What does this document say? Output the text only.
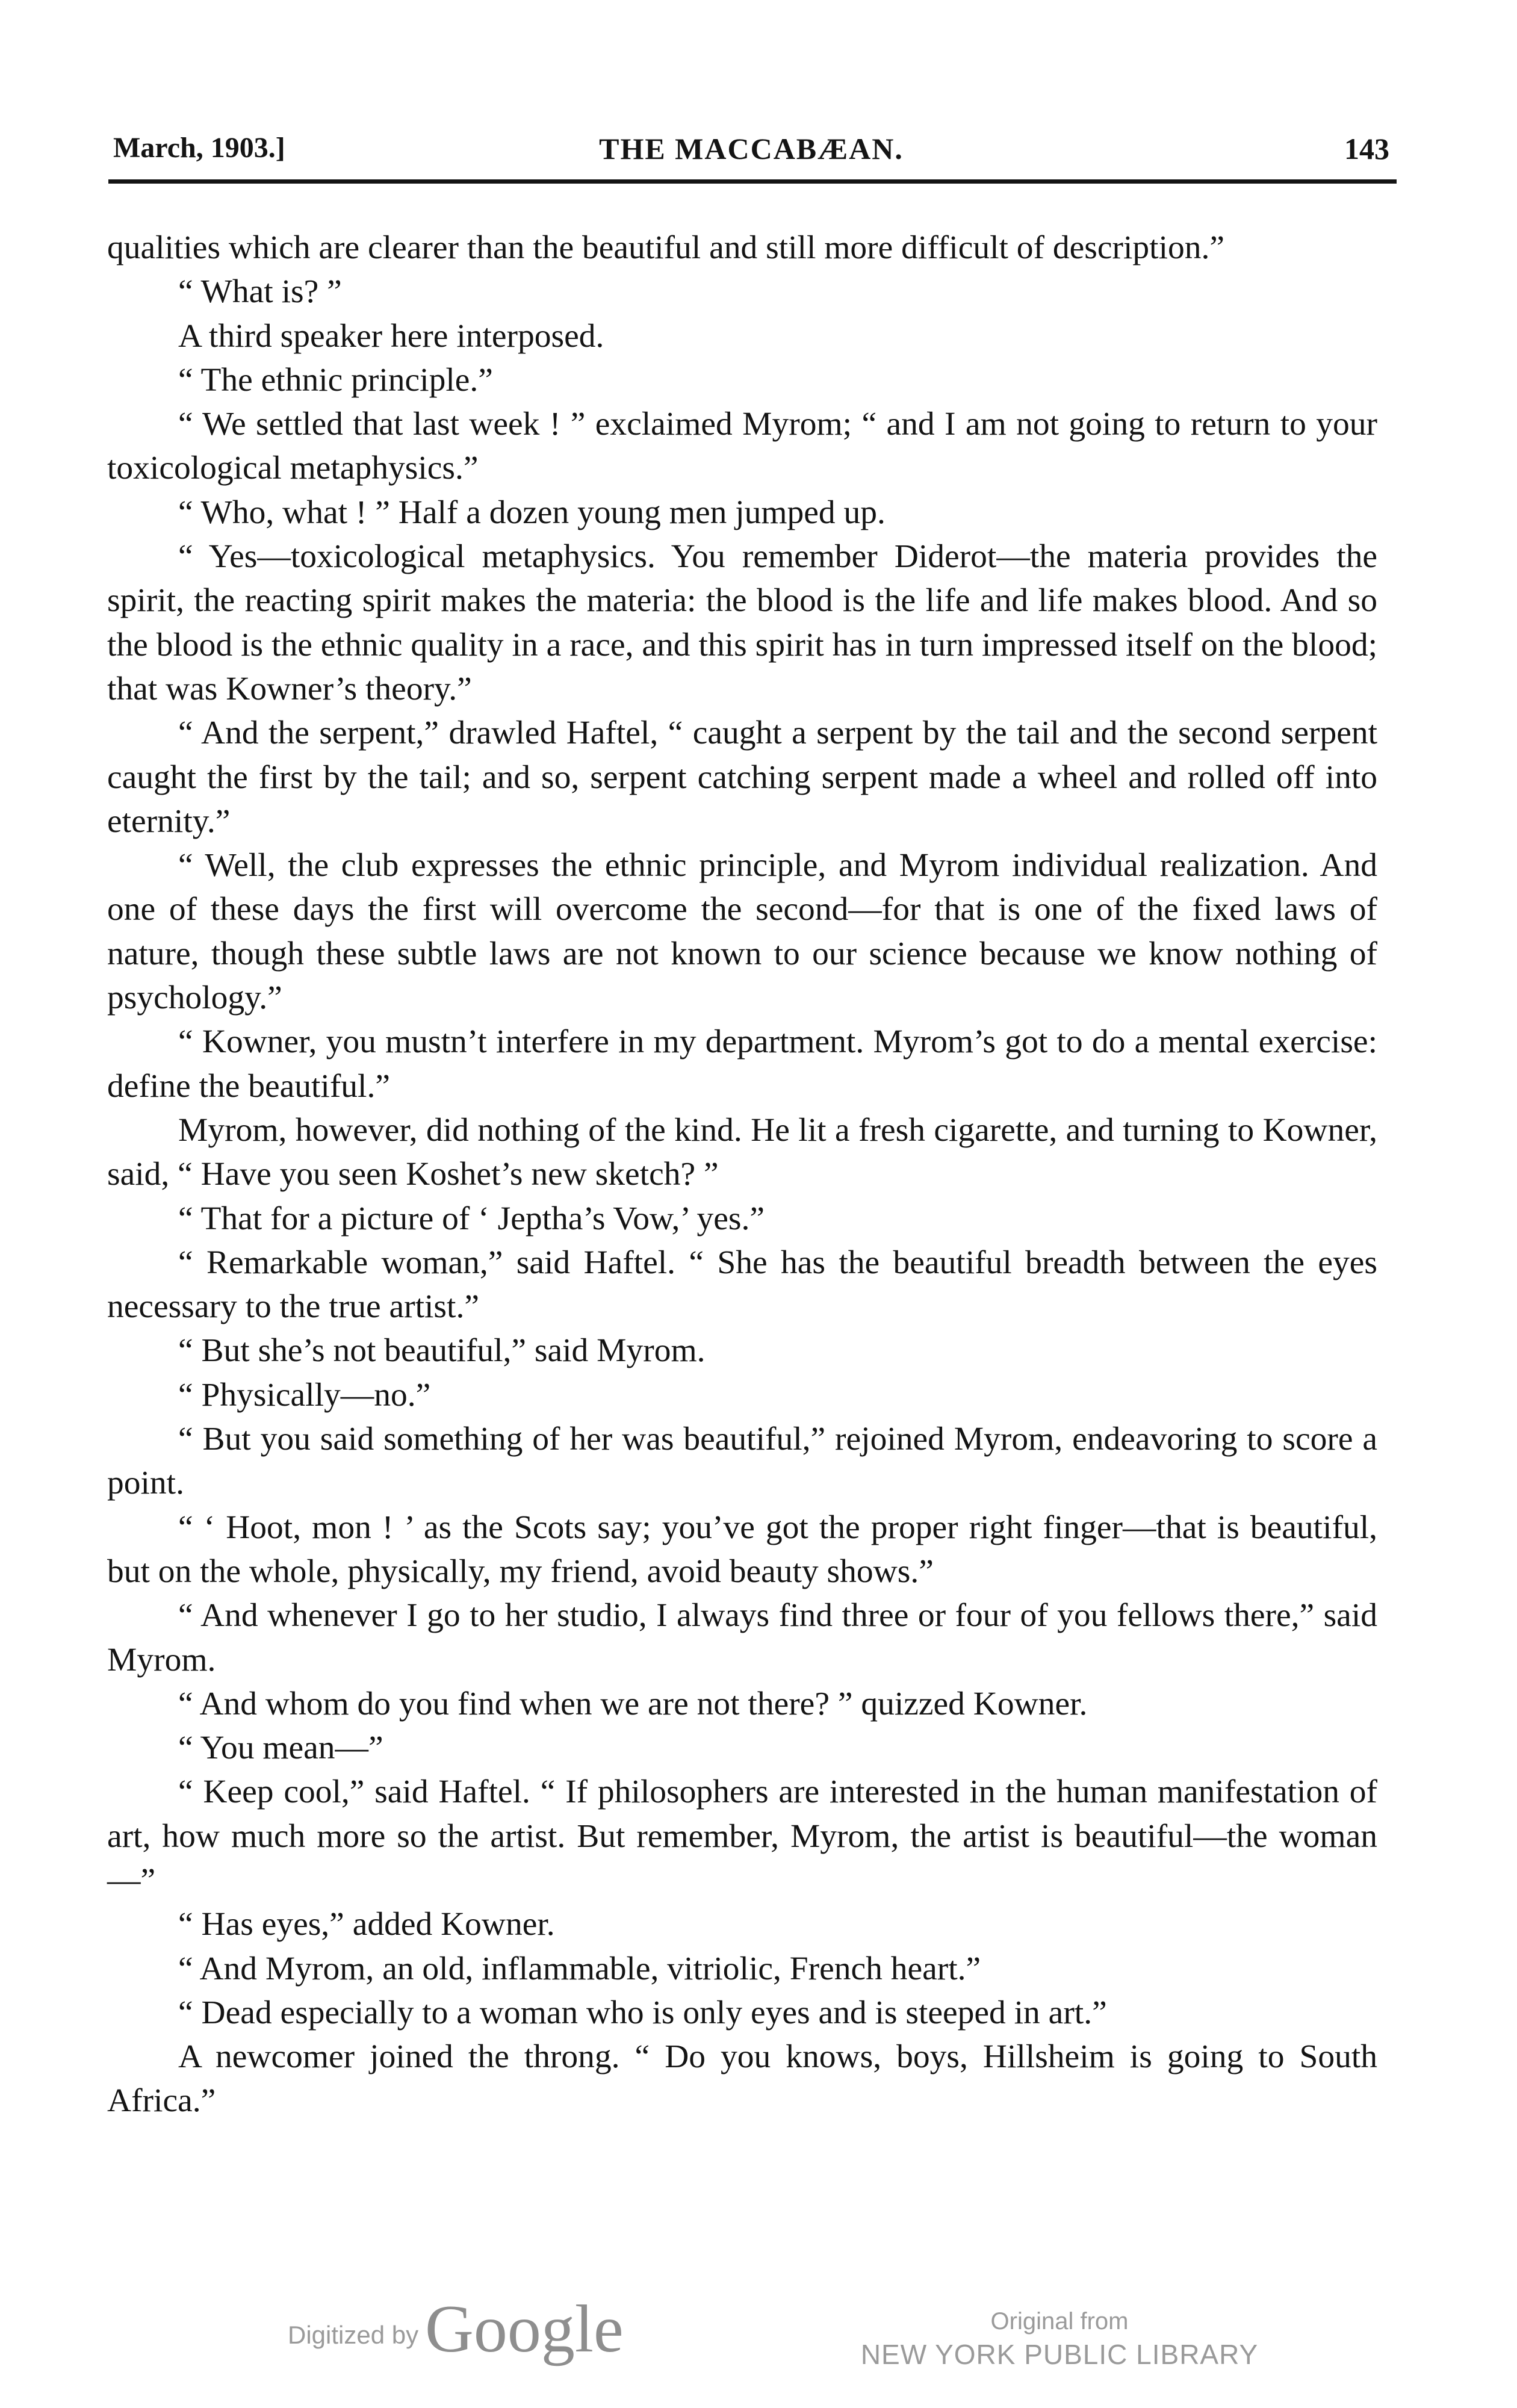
March, 1903.]	THE MACCABÆAN.	143

qualities which are clearer than the beautiful and still more difficult of description.”

“ What is? ”

A third speaker here interposed.

“ The ethnic principle.”

“ We settled that last week ! ” exclaimed Myrom; “ and I am not going to return to your toxicological metaphysics.”

“ Who, what ! ” Half a dozen young men jumped up.

“ Yes—toxicological metaphysics. You remember Diderot—the materia provides the spirit, the reacting spirit makes the materia: the blood is the life and life makes blood. And so the blood is the ethnic quality in a race, and this spirit has in turn impressed itself on the blood; that was Kowner’s theory.”

“ And the serpent,” drawled Haftel, “ caught a serpent by the tail and the second serpent caught the first by the tail; and so, serpent catching serpent made a wheel and rolled off into eternity.”

“ Well, the club expresses the ethnic principle, and Myrom individual realization. And one of these days the first will overcome the second—for that is one of the fixed laws of nature, though these subtle laws are not known to our science because we know nothing of psychology.”

“ Kowner, you mustn’t interfere in my department. Myrom’s got to do a mental exercise: define the beautiful.”

Myrom, however, did nothing of the kind. He lit a fresh cigarette, and turning to Kowner, said, “ Have you seen Koshet’s new sketch? ”

“ That for a picture of ‘ Jeptha’s Vow,’ yes.”

“ Remarkable woman,” said Haftel. “ She has the beautiful breadth between the eyes necessary to the true artist.”

“ But she’s not beautiful,” said Myrom.

“ Physically—no.”

“ But you said something of her was beautiful,” rejoined Myrom, endeavoring to score a point.

“ ‘ Hoot, mon ! ’ as the Scots say; you’ve got the proper right finger—that is beautiful, but on the whole, physically, my friend, avoid beauty shows.”

“ And whenever I go to her studio, I always find three or four of you fellows there,” said Myrom.

“ And whom do you find when we are not there? ” quizzed Kowner.

“ You mean—”

“ Keep cool,” said Haftel. “ If philosophers are interested in the human manifestation of art, how much more so the artist. But remember, Myrom, the artist is beautiful—the woman—”

“ Has eyes,” added Kowner.

“ And Myrom, an old, inflammable, vitriolic, French heart.”

“ Dead especially to a woman who is only eyes and is steeped in art.”

A newcomer joined the throng. “ Do you knows, boys, Hillsheim is going to South Africa.”

Digitized by Google	Original from
NEW YORK PUBLIC LIBRARY
